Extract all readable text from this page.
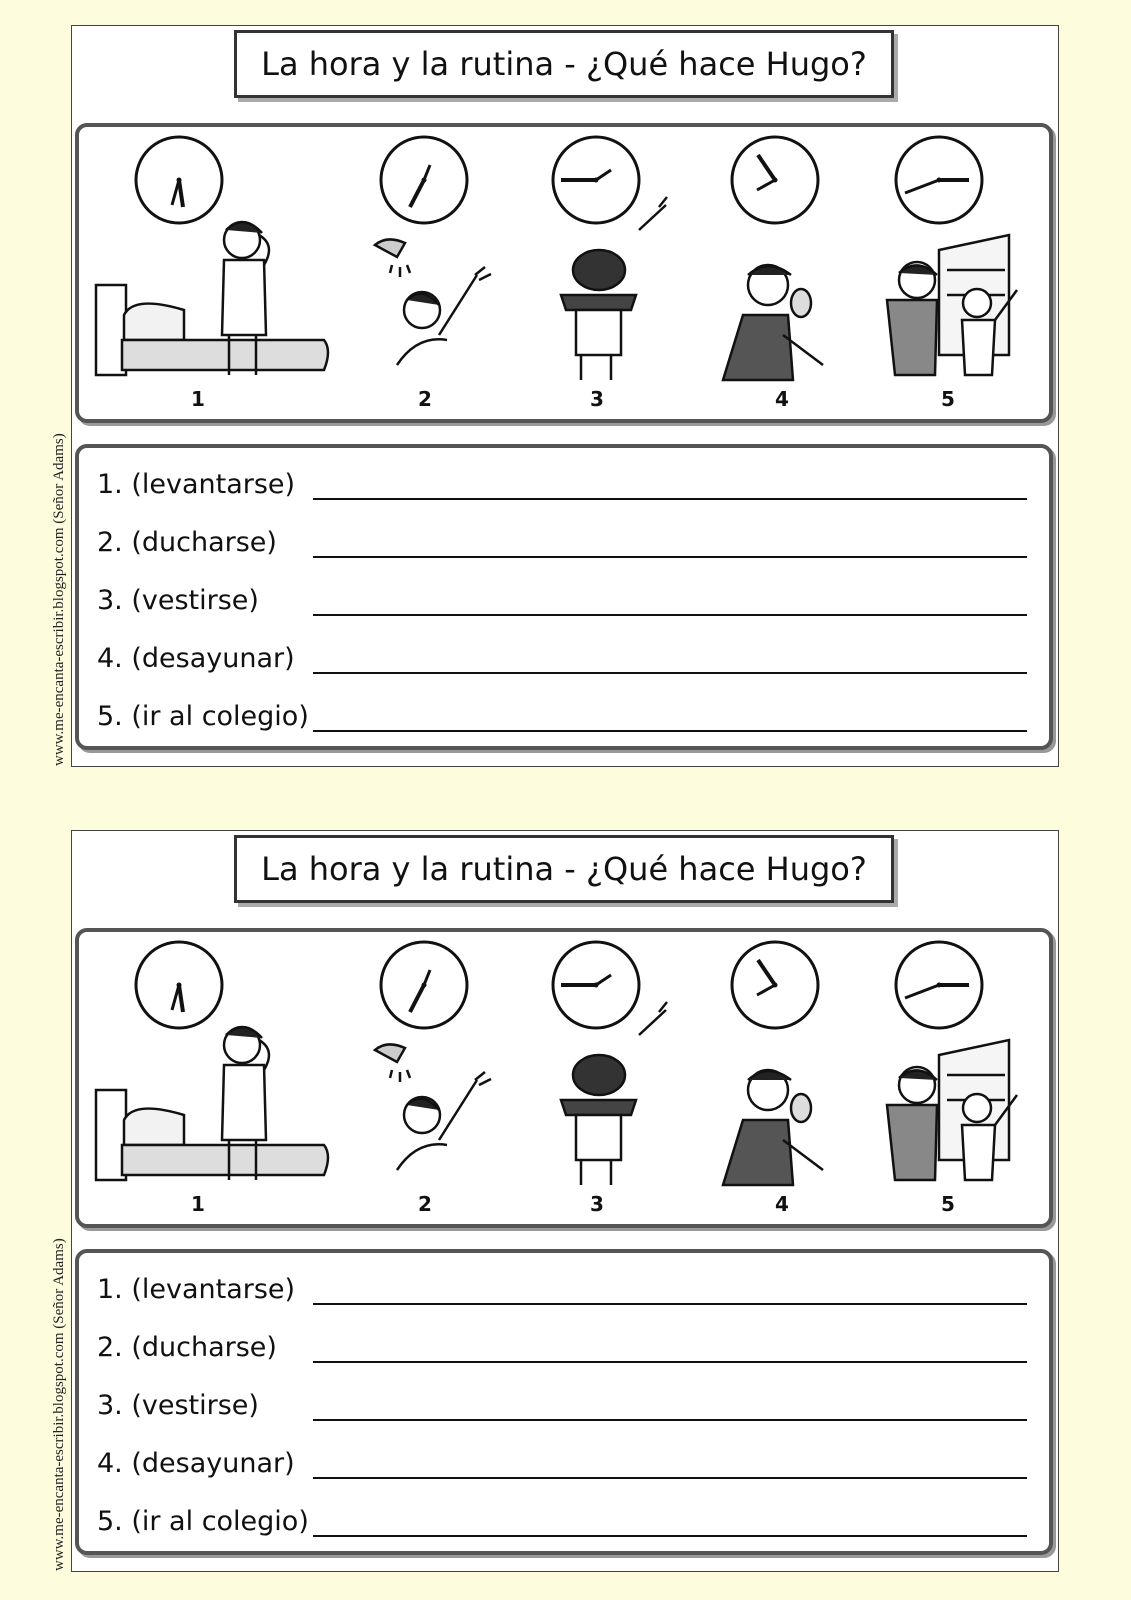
www.me-encanta-escribir.blogspot.com (Señor Adams)
La hora y la rutina - ¿Qué hace Hugo?
1	2	3	4	5
1. (levantarse)
2. (ducharse)
3. (vestirse)
4. (desayunar)
5. (ir al colegio)
www.me-encanta-escribir.blogspot.com (Señor Adams)
La hora y la rutina - ¿Qué hace Hugo?
1	2	3	4	5
1. (levantarse)
2. (ducharse)
3. (vestirse)
4. (desayunar)
5. (ir al colegio)
